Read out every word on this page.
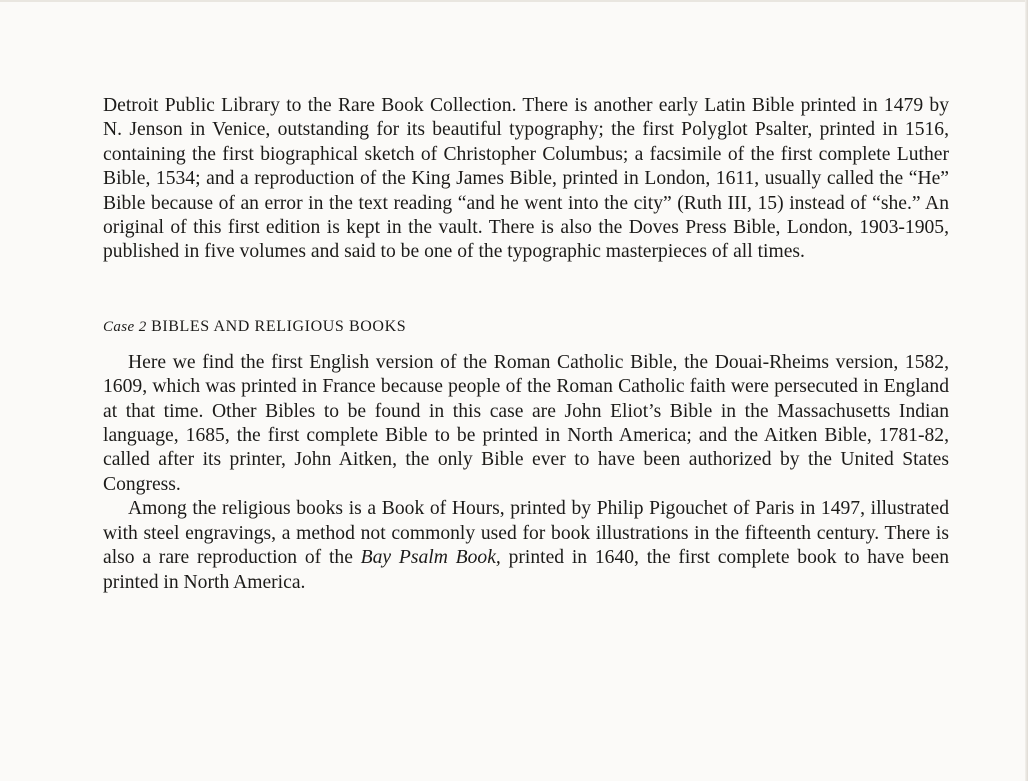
Detroit Public Library to the Rare Book Collection. There is another early Latin Bible printed in 1479 by N. Jenson in Venice, outstanding for its beautiful typography; the first Polyglot Psalter, printed in 1516, containing the first biographical sketch of Christopher Columbus; a facsimile of the first complete Luther Bible, 1534; and a reproduction of the King James Bible, printed in London, 1611, usually called the “He” Bible because of an error in the text reading “and he went into the city” (Ruth III, 15) instead of “she.” An original of this first edition is kept in the vault. There is also the Doves Press Bible, London, 1903-1905, published in five volumes and said to be one of the typographic masterpieces of all times.

Case 2 BIBLES AND RELIGIOUS BOOKS

Here we find the first English version of the Roman Catholic Bible, the Douai-Rheims version, 1582, 1609, which was printed in France because people of the Roman Catholic faith were persecuted in England at that time. Other Bibles to be found in this case are John Eliot’s Bible in the Massachusetts Indian language, 1685, the first complete Bible to be printed in North America; and the Aitken Bible, 1781-82, called after its printer, John Aitken, the only Bible ever to have been authorized by the United States Congress.

Among the religious books is a Book of Hours, printed by Philip Pigouchet of Paris in 1497, illustrated with steel engravings, a method not commonly used for book illustrations in the fifteenth century. There is also a rare reproduction of the Bay Psalm Book, printed in 1640, the first complete book to have been printed in North America.
